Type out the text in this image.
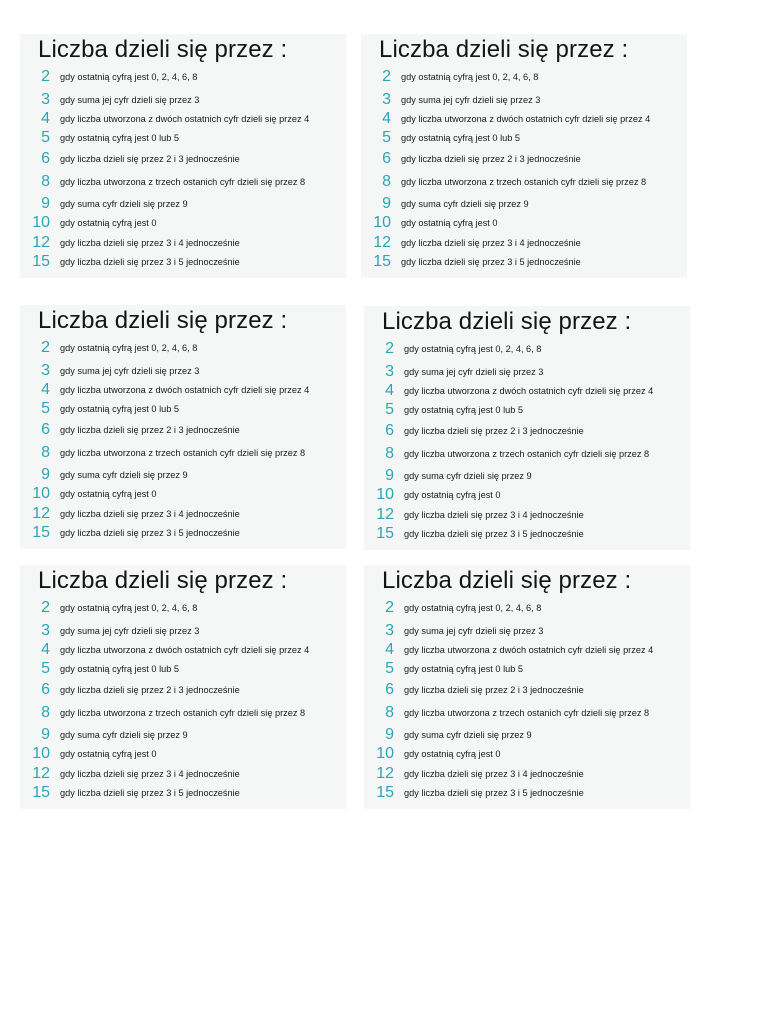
Liczba dzieli się przez :
2 gdy ostatnią cyfrą jest 0, 2, 4, 6, 8
3 gdy suma jej cyfr dzieli się przez 3
4 gdy liczba utworzona z dwóch ostatnich cyfr dzieli się przez 4
5 gdy ostatnią cyfrą jest 0 lub 5
6 gdy liczba dzieli się przez 2 i 3 jednocześnie
8 gdy liczba utworzona z trzech ostanich cyfr dzieli się przez 8
9 gdy suma cyfr dzieli się przez 9
10 gdy ostatnią cyfrą jest 0
12 gdy liczba dzieli się przez 3 i 4 jednocześnie
15 gdy liczba dzieli się przez 3 i 5 jednocześnie
Liczba dzieli się przez :
2 gdy ostatnią cyfrą jest 0, 2, 4, 6, 8
3 gdy suma jej cyfr dzieli się przez 3
4 gdy liczba utworzona z dwóch ostatnich cyfr dzieli się przez 4
5 gdy ostatnią cyfrą jest 0 lub 5
6 gdy liczba dzieli się przez 2 i 3 jednocześnie
8 gdy liczba utworzona z trzech ostanich cyfr dzieli się przez 8
9 gdy suma cyfr dzieli się przez 9
10 gdy ostatnią cyfrą jest 0
12 gdy liczba dzieli się przez 3 i 4 jednocześnie
15 gdy liczba dzieli się przez 3 i 5 jednocześnie
Liczba dzieli się przez :
2 gdy ostatnią cyfrą jest 0, 2, 4, 6, 8
3 gdy suma jej cyfr dzieli się przez 3
4 gdy liczba utworzona z dwóch ostatnich cyfr dzieli się przez 4
5 gdy ostatnią cyfrą jest 0 lub 5
6 gdy liczba dzieli się przez 2 i 3 jednocześnie
8 gdy liczba utworzona z trzech ostanich cyfr dzieli się przez 8
9 gdy suma cyfr dzieli się przez 9
10 gdy ostatnią cyfrą jest 0
12 gdy liczba dzieli się przez 3 i 4 jednocześnie
15 gdy liczba dzieli się przez 3 i 5 jednocześnie
Liczba dzieli się przez :
2 gdy ostatnią cyfrą jest 0, 2, 4, 6, 8
3 gdy suma jej cyfr dzieli się przez 3
4 gdy liczba utworzona z dwóch ostatnich cyfr dzieli się przez 4
5 gdy ostatnią cyfrą jest 0 lub 5
6 gdy liczba dzieli się przez 2 i 3 jednocześnie
8 gdy liczba utworzona z trzech ostanich cyfr dzieli się przez 8
9 gdy suma cyfr dzieli się przez 9
10 gdy ostatnią cyfrą jest 0
12 gdy liczba dzieli się przez 3 i 4 jednocześnie
15 gdy liczba dzieli się przez 3 i 5 jednocześnie
Liczba dzieli się przez :
2 gdy ostatnią cyfrą jest 0, 2, 4, 6, 8
3 gdy suma jej cyfr dzieli się przez 3
4 gdy liczba utworzona z dwóch ostatnich cyfr dzieli się przez 4
5 gdy ostatnią cyfrą jest 0 lub 5
6 gdy liczba dzieli się przez 2 i 3 jednocześnie
8 gdy liczba utworzona z trzech ostanich cyfr dzieli się przez 8
9 gdy suma cyfr dzieli się przez 9
10 gdy ostatnią cyfrą jest 0
12 gdy liczba dzieli się przez 3 i 4 jednocześnie
15 gdy liczba dzieli się przez 3 i 5 jednocześnie
Liczba dzieli się przez :
2 gdy ostatnią cyfrą jest 0, 2, 4, 6, 8
3 gdy suma jej cyfr dzieli się przez 3
4 gdy liczba utworzona z dwóch ostatnich cyfr dzieli się przez 4
5 gdy ostatnią cyfrą jest 0 lub 5
6 gdy liczba dzieli się przez 2 i 3 jednocześnie
8 gdy liczba utworzona z trzech ostanich cyfr dzieli się przez 8
9 gdy suma cyfr dzieli się przez 9
10 gdy ostatnią cyfrą jest 0
12 gdy liczba dzieli się przez 3 i 4 jednocześnie
15 gdy liczba dzieli się przez 3 i 5 jednocześnie
